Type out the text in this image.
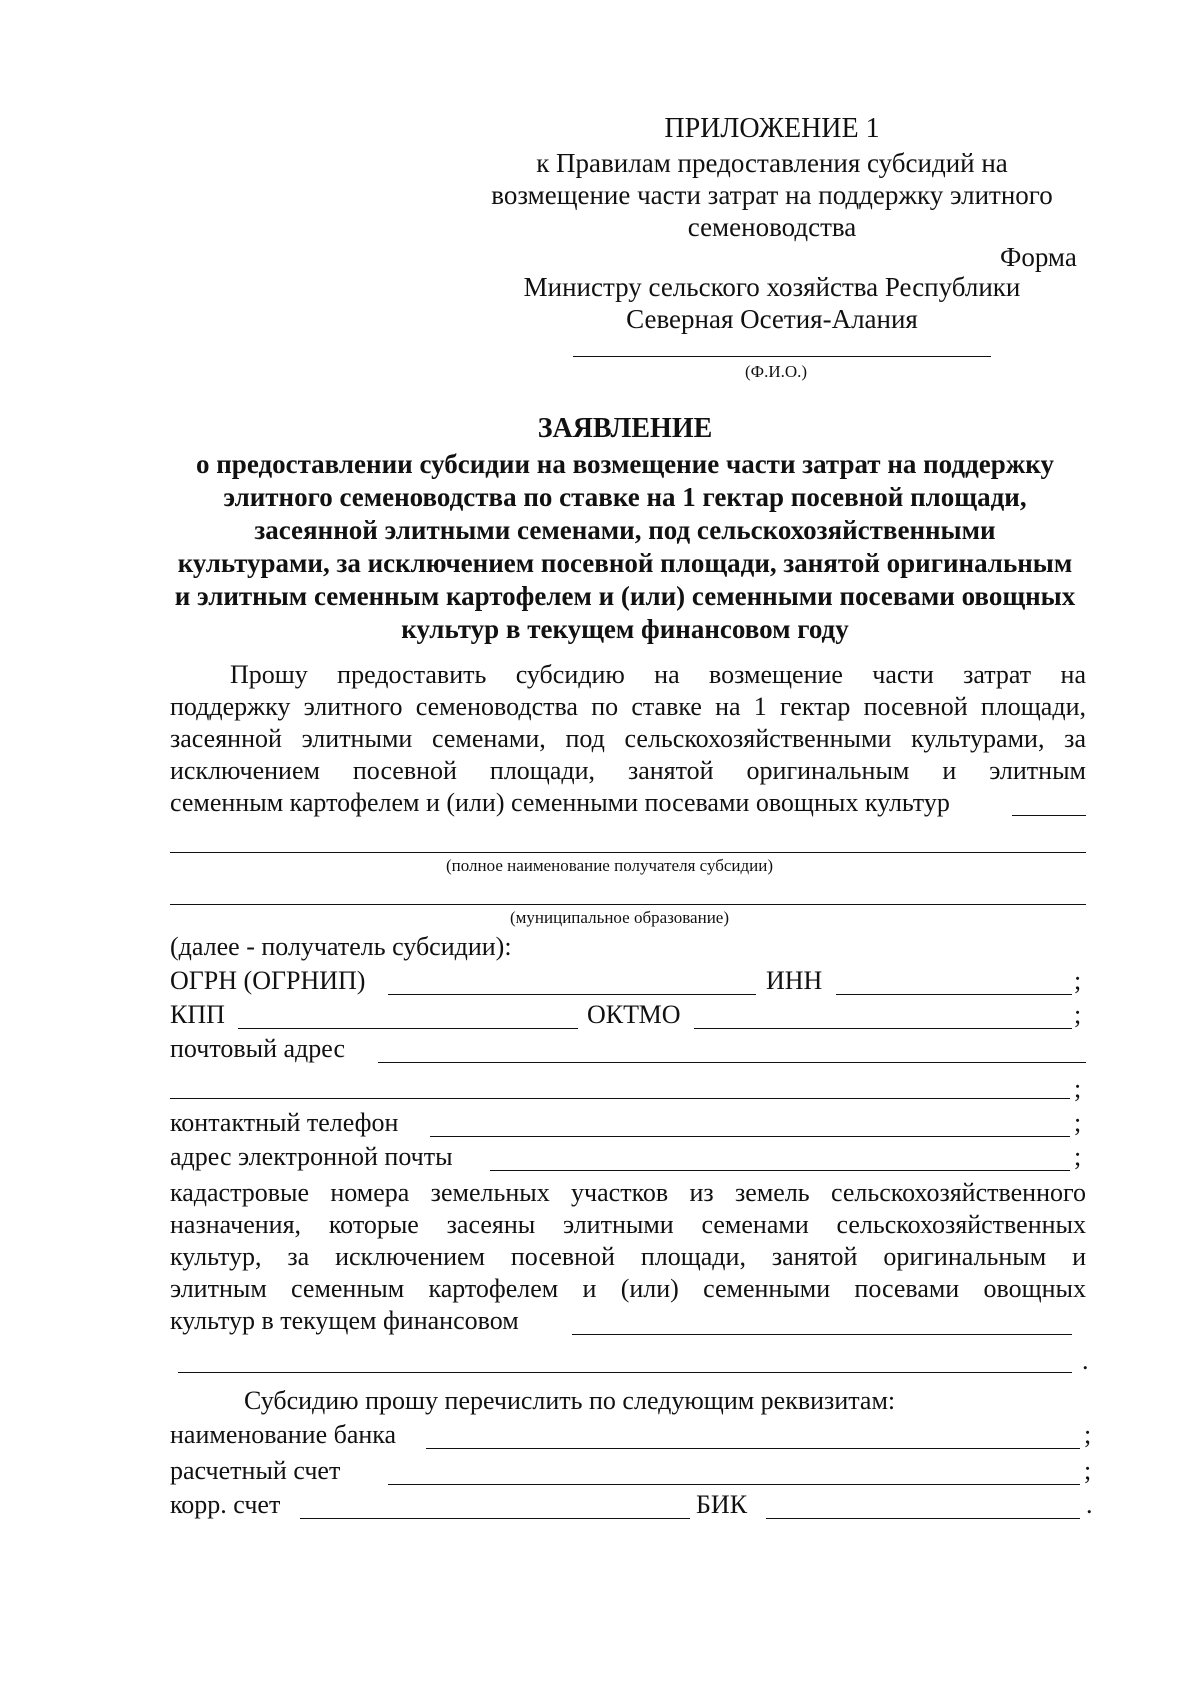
ПРИЛОЖЕНИЕ 1
к Правилам предоставления субсидий на
возмещение части затрат на поддержку элитного
семеноводства
Форма
Министру сельского хозяйства Республики
Северная Осетия-Алания
(Ф.И.О.)
ЗАЯВЛЕНИЕ
о предоставлении субсидии на возмещение части затрат на поддержку
элитного семеноводства по ставке на 1 гектар посевной площади,
засеянной элитными семенами, под сельскохозяйственными
культурами, за исключением посевной площади, занятой оригинальным
и элитным семенным картофелем и (или) семенными посевами овощных
культур в текущем финансовом году
Прошу предоставить субсидию на возмещение части затрат на
поддержку элитного семеноводства по ставке на 1 гектар посевной площади,
засеянной элитными семенами, под сельскохозяйственными культурами, за
исключением посевной площади, занятой оригинальным и элитным
семенным картофелем и (или) семенными посевами овощных культур
(полное наименование получателя субсидии)
(муниципальное образование)
(далее - получатель субсидии):
ОГРН (ОГРНИП)	ИНН	;
КПП	ОКТМО	;
почтовый адрес
;
контактный телефон	;
адрес электронной почты	;
кадастровые номера земельных участков из земель сельскохозяйственного
назначения, которые засеяны элитными семенами сельскохозяйственных
культур, за исключением посевной площади, занятой оригинальным и
элитным семенным картофелем и (или) семенными посевами овощных
культур в текущем финансовом
.
Субсидию прошу перечислить по следующим реквизитам:
наименование банка	;
расчетный счет	;
корр. счет	БИК	.
